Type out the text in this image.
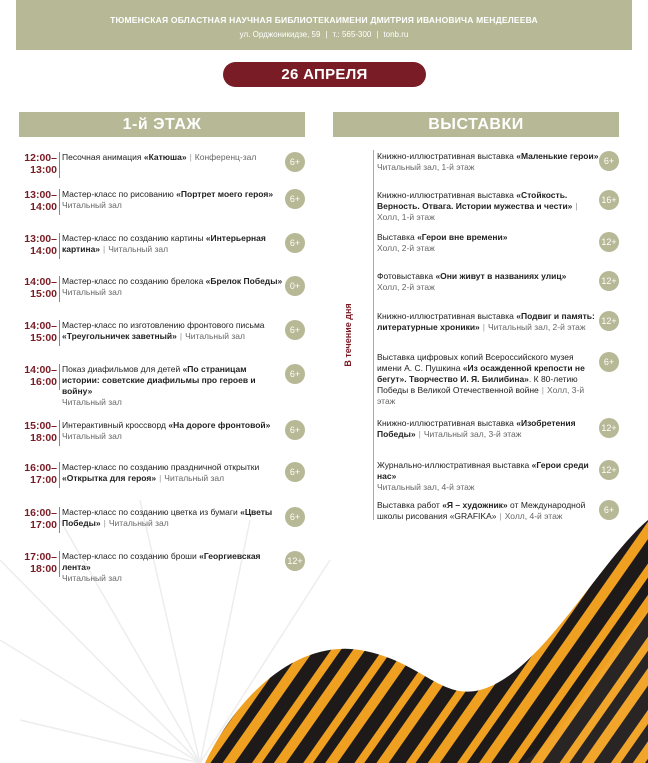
ТЮМЕНСКАЯ ОБЛАСТНАЯ НАУЧНАЯ БИБЛИОТЕКАИМЕНИ ДМИТРИЯ ИВАНОВИЧА МЕНДЕЛЕЕВА
ул. Орджоникидзе, 59 | т.: 565-300 | tonb.ru
26 АПРЕЛЯ
1-й ЭТАЖ	ВЫСТАВКИ
12:00–
13:00
Песочная анимация «Катюша» | Конференц-зал	6+
13:00–
14:00
Мастер-класс по рисованию «Портрет моего героя»
Читальный зал
6+
13:00–
14:00
Мастер-класс по созданию картины «Интерьерная картина» | Читальный зал
6+
14:00–
15:00
Мастер-класс по созданию брелока «Брелок Победы»
Читальный зал
0+
14:00–
15:00
Мастер-класс по изготовлению фронтового письма «Треугольничек заветный» | Читальный зал
6+
14:00–
16:00
Показ диафильмов для детей «По страницам истории: советские диафильмы про героев и войну»
Читальный зал
6+
15:00–
18:00
Интерактивный кроссворд «На дороге фронтовой»
Читальный зал
6+
16:00–
17:00
Мастер-класс по созданию праздничной открытки «Открытка для героя» | Читальный зал
6+
16:00–
17:00
Мастер-класс по созданию цветка из бумаги «Цветы Победы» | Читальный зал
6+
17:00–
18:00
Мастер-класс по созданию броши «Георгиевская лента»
Читальный зал
12+
В течение дня
Книжно-иллюстративная выставка «Маленькие герои»
Читальный зал, 1-й этаж
6+
Книжно-иллюстративная выставка «Стойкость. Верность. Отвага. Истории мужества и чести» |Холл, 1-й этаж
16+
Выставка «Герои вне времени»
Холл, 2-й этаж
12+
Фотовыставка «Они живут в названиях улиц»
Холл, 2-й этаж
12+
Книжно-иллюстративная выставка «Подвиг и память: литературные хроники» | Читальный зал, 2-й этаж
12+
Выставка цифровых копий Всероссийского музея имени А. С. Пушкина «Из осажденной крепости не бегут». Творчество И. Я. Билибина». К 80-летию Победы в Великой Отечественной войне | Холл, 3-й этаж
6+
Книжно-иллюстративная выставка «Изобретения Победы» | Читальный зал, 3-й этаж
12+
Журнально-иллюстративная выставка «Герои среди нас»
Читальный зал, 4-й этаж
12+
Выставка работ «Я – художник» от Международной школы рисования «GRAFIKA» | Холл, 4-й этаж
6+
